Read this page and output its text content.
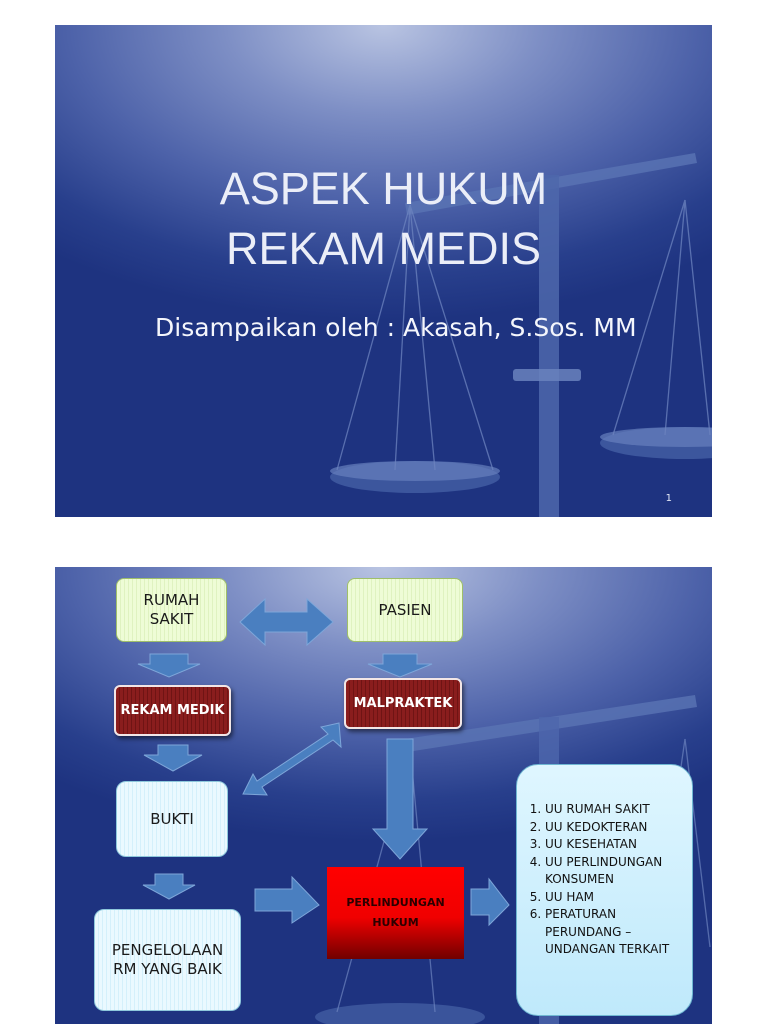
ASPEK HUKUM
REKAM MEDIS
Disampaikan oleh : Akasah, S.Sos. MM
1
RUMAH SAKIT
PASIEN
REKAM MEDIK	MALPRAKTEK
BUKTI
PERLINDUNGAN HUKUM
PENGELOLAAN RM YANG BAIK
1. UU RUMAH SAKIT
2. UU KEDOKTERAN
3. UU KESEHATAN
4. UU PERLINDUNGAN KONSUMEN
5. UU HAM
6. PERATURAN PERUNDANG – UNDANGAN TERKAIT
